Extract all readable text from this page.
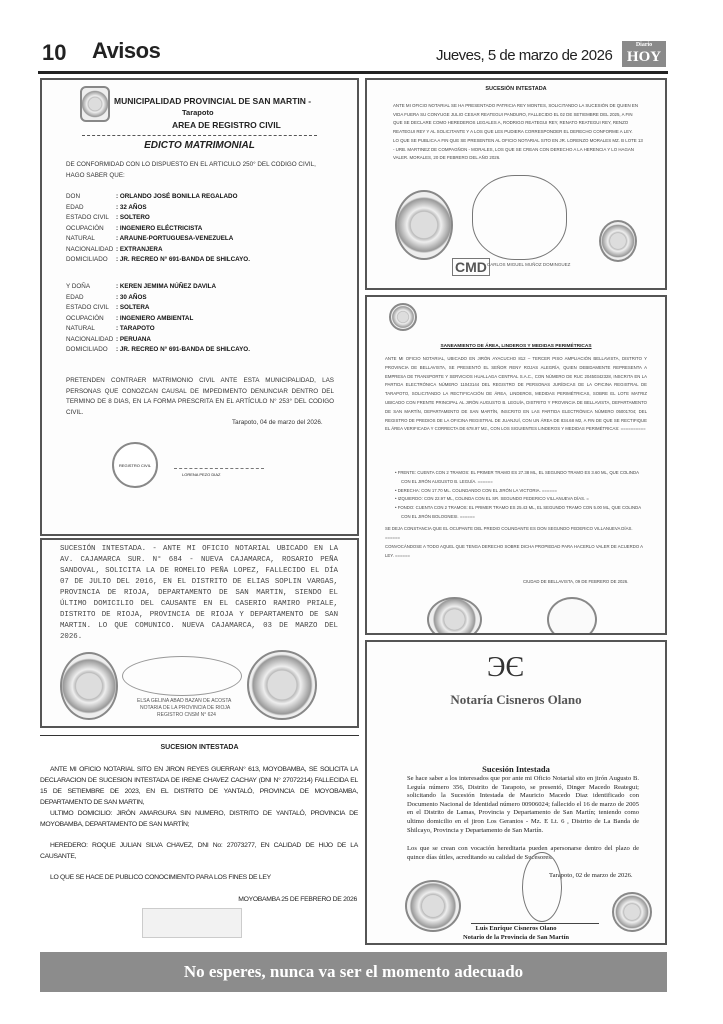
10 Avisos	Jueves, 5 de marzo de 2026
Diario
HOY
MUNICIPALIDAD PROVINCIAL DE SAN MARTIN -
Tarapoto
AREA DE REGISTRO CIVIL
EDICTO MATRIMONIAL
DE CONFORMIDAD CON LO DISPUESTO EN EL ARTICULO 250° DEL CODIGO CIVIL, HAGO SABER QUE:
DON	: ORLANDO JOSÉ BONILLA REGALADO
EDAD	: 32 AÑOS
ESTADO CIVIL	: SOLTERO
OCUPACIÓN	: INGENIERO ELÉCTRICISTA
NATURAL	: ARAUNE-PORTUGUESA-VENEZUELA
NACIONALIDAD : EXTRANJERA
DOMICILIADO	: JR. RECREO N° 691-BANDA DE SHILCAYO.
Y DOÑA	: KEREN JEMIMA NÚÑEZ DAVILA
EDAD	: 30 AÑOS
ESTADO CIVIL	: SOLTERA
OCUPACIÓN	: INGENIERO AMBIENTAL
NATURAL	: TARAPOTO
NACIONALIDAD : PERUANA
DOMICILIADO	: JR. RECREO N° 691-BANDA DE SHILCAYO.
PRETENDEN CONTRAER MATRIMONIO CIVIL ANTE ESTA MUNICIPALIDAD, LAS PERSONAS QUE CONOZCAN CAUSAL DE IMPEDIMENTO DENUNCIAR DENTRO DEL TERMINO DE 8 DIAS, EN LA FORMA PRESCRITA EN EL ARTÍCULO N° 253° DEL CODIGO CIVIL.
Tarapoto, 04 de marzo del 2026.
REGISTRO CIVIL
LORENA PEZO DIAZ
SUCESIÓN INTESTADA. - ANTE MI OFICIO NOTARIAL UBICADO EN LA AV. CAJAMARCA SUR. N° 684 - NUEVA CAJAMARCA, ROSARIO PEÑA SANDOVAL, SOLICITA LA DE ROMELIO PEÑA LOPEZ, FALLECIDO EL DÍA 07 DE JULIO DEL 2016, EN EL DISTRITO DE ELIAS SOPLIN VARGAS, PROVINCIA DE RIOJA, DEPARTAMENTO DE SAN MARTIN, SIENDO EL ÚLTIMO DOMICILIO DEL CAUSANTE EN EL CASERIO RAMIRO PRIALE, DISTRITO DE RIOJA, PROVINCIA DE RIOJA Y DEPARTAMENTO DE SAN MARTIN. LO QUE COMUNICO. NUEVA CAJAMARCA, 03 DE MARZO DEL 2026.
ELSA GELINA ABAD BAZAN DE ACOSTA
NOTARIA DE LA PROVINCIA DE RIOJA
REGISTRO CNSM N° 624
SUCESION INTESTADA
ANTE MI OFICIO NOTARIAL SITO EN JIRON REYES GUERRAN° 613, MOYOBAMBA, SE SOLICITA LA DECLARACION DE SUCESION INTESTADA DE IRENE CHAVEZ CACHAY (DNI N° 27072214) FALLECIDA EL 15 DE SETIEMBRE DE 2023, EN EL DISTRITO DE YANTALÓ, PROVINCIA DE MOYOBAMBA, DEPARTAMENTO DE SAN MARTIN,
ULTIMO DOMICILIO: JIRÓN AMARGURA SIN NUMERO, DISTRITO DE YANTALÓ, PROVINCIA DE MOYOBAMBA, DEPARTAMENTO DE SAN MARTÍN;
HEREDERO: ROQUE JULIAN SILVA CHAVEZ, DNI No: 27073277, EN CALIDAD DE HIJO DE LA CAUSANTE,
LO QUE SE HACE DE PUBLICO CONOCIMIENTO PARA LOS FINES DE LEY
MOYOBAMBA 25 DE FEBRERO DE 2026
SUCESIÓN INTESTADA
ANTE MI OFICIO NOTARIAL SE HA PRESENTADO PATRICIA REY MONTES, SOLICITANDO LA SUCESIÓN DE QUIEN EN VIDA FUERA SU CONYUGE JULIO CESAR REATEGUI PANDURO, FALLECIDO EL 02 DE SETIEMBRE DEL 2025, A FIN QUE SE DECLARE COMO HEREDEROS LEGALES A, RODRIGO REATEGUI REY, RENATO REATEGUI REY, RENZO REATEGUI REY Y AL SOLICITANTE Y A LOS QUE LES PUDIERA CORRESPONDER EL DERECHO CONFORME A LEY.
LO QUE SE PUBLICA A FIN QUE SE PRESENTEN AL OFICIO NOTARIAL SITO EN JR. LORENZO MORALES MZ. B LOTE 13 - URB. MARTINEZ DE COMPAGÑON - MORALES, LOS QUE SE CREAN CON DERECHO A LA HERENCIA Y LO HAGAN VALER. MORALES, 20 DE FEBRERO DEL AÑO 2026.
CMD CARLOS MIGUEL MUÑOZ DOMINGUEZ
SANEAMIENTO DE ÁREA, LINDEROS Y MEDIDAS PERIMÉTRICAS
ANTE MI OFICIO NOTARIAL, UBICADO EN JIRÓN AYACUCHO 812 – TERCER PISO AMPLIACIÓN BELLAVISTA, DISTRITO Y PROVINCIA DE BELLAVISTA, SE PRESENTÓ EL SEÑOR RENY ROJAS ALEGRÍA, QUIEN DEBIDAMENTE REPRESENTA A EMPRESA DE TRANSPORTE Y SERVICIOS HUALLAGA CENTRAL S.A.C., CON NÚMERO DE RUC 20450342328, INSCRITA EN LA PARTIDA ELECTRÓNICA NÚMERO 11043144 DEL REGISTRO DE PERSONAS JURÍDICAS DE LA OFICINA REGISTRAL DE TARAPOTO, SOLICITANDO LA RECTIFICACIÓN DE ÁREA, LINDEROS, MEDIDAS PERIMÉTRICAS, SOBRE EL LOTE MATRIZ UBICADO CON FRENTE PRINCIPAL AL JIRÓN AUGUSTO B. LEGUÍA, DISTRITO Y PROVINCIA DE BELLAVISTA, DEPARTAMENTO DE SAN MARTÍN, DEPARTAMENTO DE SAN MARTÍN, INSCRITO EN LAS PARTIDA ELECTRÓNICA NÚMERO 05001704; DEL REGISTRO DE PREDIOS DE LA OFICINA REGISTRAL DE JUANJUÍ, CON UN ÁREA DE 834.68 M2, A FIN DE QUE SE RECTIFIQUE EL ÁREA VERIFICADA Y CORRECTA DE 678.97 M2., CON LOS SIGUIENTES LINDEROS Y MEDIDAS PERIMÉTRICAS: ==========
• FRENTE: CUENTA CON 2 TRAMOS: EL PRIMER TRAMO ES 27.38 ML, EL SEGUNDO TRAMO ES 3.60 ML, QUE COLINDA CON EL JIRÓN AUGUSTO B. LEGUÍA. ======
• DERECHA: CON 17.70 ML. COLINDANDO CON EL JIRÓN LA VICTORIA. ======
• IZQUIERDO: CON 22.97 ML, COLINDA CON EL SR. SEGUNDO FEDERICO VILLANUEVA DÍAS. =
• FONDO: CUENTA CON 2 TRAMOS: EL PRIMER TRAMO ES 25.43 ML, EL SEGUNDO TRAMO CON 5.00 ML, QUE COLINDA CON EL JIRÓN BOLOGNESI. ======
SE DEJA CONSTANCIA QUE EL OCUPANTE DEL PREDIO COLINDANTE ES DON SEGUNDO FEDERICO VILLANUEVA DÍAS. ======
CONVOCÁNDOSE A TODO AQUEL QUE TENGA DERECHO SOBRE DICHA PROPIEDAD PARA HACERLO VALER DE ACUERDO A LEY. ======
CIUDAD DE BELLAVISTA, 09 DE FEBRERO DE 2026.
ЭЄ
Notaría Cisneros Olano
Sucesión Intestada
Se hace saber a los interesados que por ante mi Oficio Notarial sito en jirón Augusto B. Leguía número 356, Distrito de Tarapoto, se presentó, Dinger Macedo Reategui; solicitando la Sucesión Intestada de Mauricio Macedo Diaz identificado con Documento Nacional de Identidad número 00906024; fallecido el 16 de marzo de 2005 en el Distrito de Lamas, Provincia y Departamento de San Martín; teniendo como ultimo domicilio en el jiron Los Geranios - Mz. E Lt. 6 , Distrito de La Banda de Shilcayo, Provincia y Departamento de San Martín.
Los que se crean con vocación hereditaria pueden apersonarse dentro del plazo de quince días útiles, acreditando su calidad de Sucesores.
Tarapoto, 02 de marzo de 2026.
Luis Enrique Cisneros Olano
Notario de la Provincia de San Martín
No esperes, nunca va ser el momento adecuado
